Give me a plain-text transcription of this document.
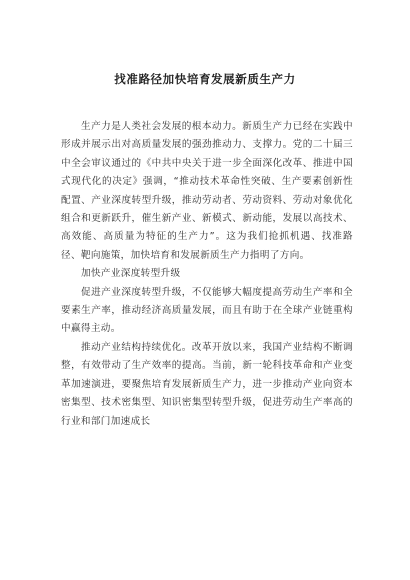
找准路径加快培育发展新质生产力

生产力是人类社会发展的根本动力。新质生产力已经在实践中形成并展示出对高质量发展的强劲推动力、支撑力。党的二十届三中全会审议通过的《中共中央关于进一步全面深化改革、推进中国式现代化的决定》强调，“推动技术革命性突破、生产要素创新性配置、产业深度转型升级，推动劳动者、劳动资料、劳动对象优化组合和更新跃升，催生新产业、新模式、新动能，发展以高技术、高效能、高质量为特征的生产力”。这为我们抢抓机遇、找准路径、靶向施策，加快培育和发展新质生产力指明了方向。

加快产业深度转型升级

促进产业深度转型升级，不仅能够大幅度提高劳动生产率和全要素生产率，推动经济高质量发展，而且有助于在全球产业链重构中赢得主动。

推动产业结构持续优化。改革开放以来，我国产业结构不断调整，有效带动了生产效率的提高。当前，新一轮科技革命和产业变革加速演进，要聚焦培育发展新质生产力，进一步推动产业向资本密集型、技术密集型、知识密集型转型升级，促进劳动生产率高的行业和部门加速成长
